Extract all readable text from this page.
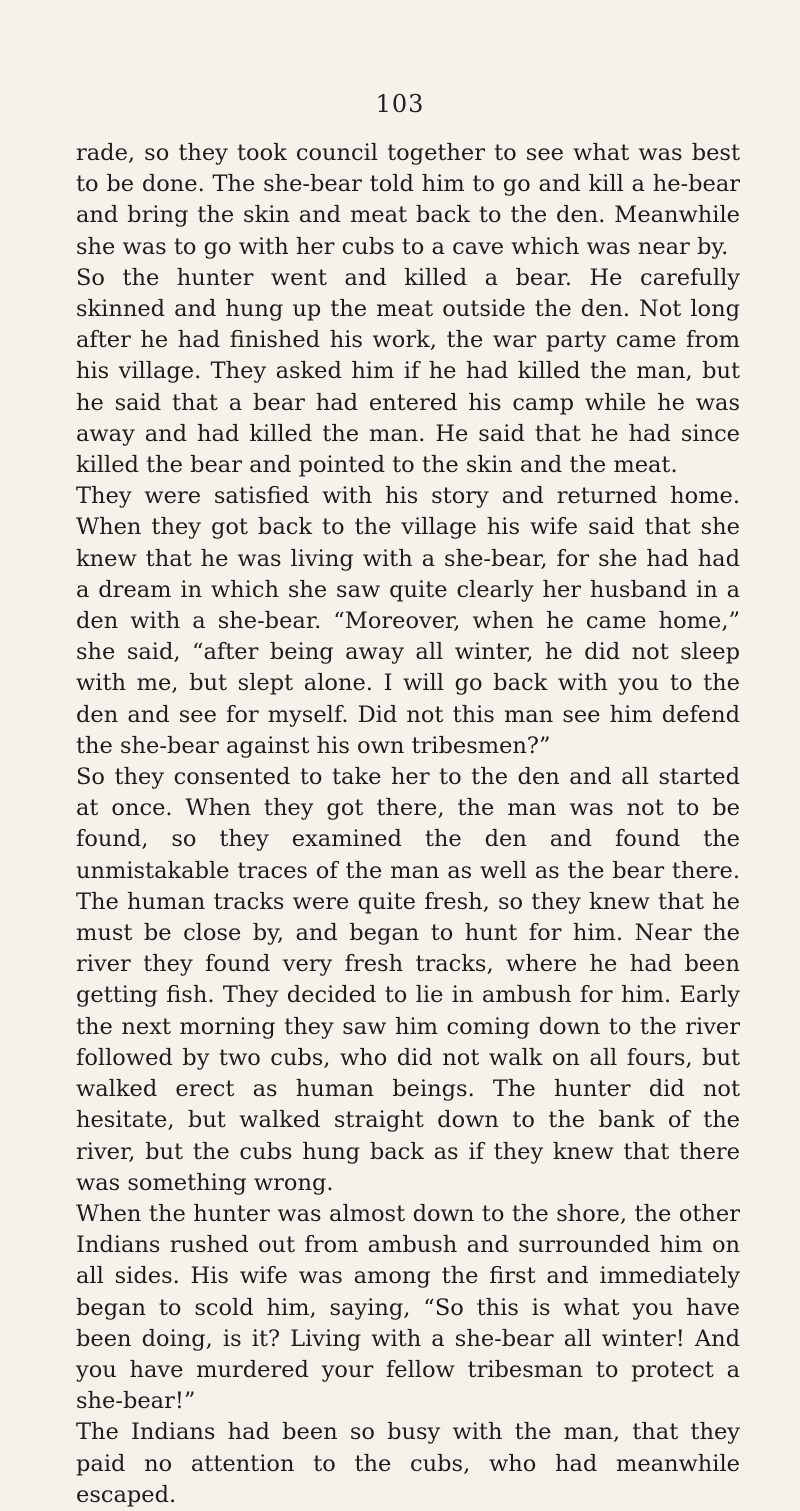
103

rade, so they took council together to see what was best to be done. The she-bear told him to go and kill a he-bear and bring the skin and meat back to the den. Meanwhile she was to go with her cubs to a cave which was near by.

So the hunter went and killed a bear. He carefully skinned and hung up the meat outside the den. Not long after he had finished his work, the war party came from his village. They asked him if he had killed the man, but he said that a bear had entered his camp while he was away and had killed the man. He said that he had since killed the bear and pointed to the skin and the meat.

They were satisfied with his story and returned home. When they got back to the village his wife said that she knew that he was living with a she-bear, for she had had a dream in which she saw quite clearly her husband in a den with a she-bear. “Moreover, when he came home,” she said, “after being away all winter, he did not sleep with me, but slept alone. I will go back with you to the den and see for myself. Did not this man see him defend the she-bear against his own tribesmen?”

So they consented to take her to the den and all started at once. When they got there, the man was not to be found, so they examined the den and found the unmistakable traces of the man as well as the bear there. The human tracks were quite fresh, so they knew that he must be close by, and began to hunt for him. Near the river they found very fresh tracks, where he had been getting fish. They decided to lie in ambush for him. Early the next morning they saw him coming down to the river followed by two cubs, who did not walk on all fours, but walked erect as human beings. The hunter did not hesitate, but walked straight down to the bank of the river, but the cubs hung back as if they knew that there was something wrong.

When the hunter was almost down to the shore, the other Indians rushed out from ambush and surrounded him on all sides. His wife was among the first and immediately began to scold him, saying, “So this is what you have been doing, is it? Living with a she-bear all winter! And you have murdered your fellow tribesman to protect a she-bear!”

The Indians had been so busy with the man, that they paid no attention to the cubs, who had meanwhile escaped.
